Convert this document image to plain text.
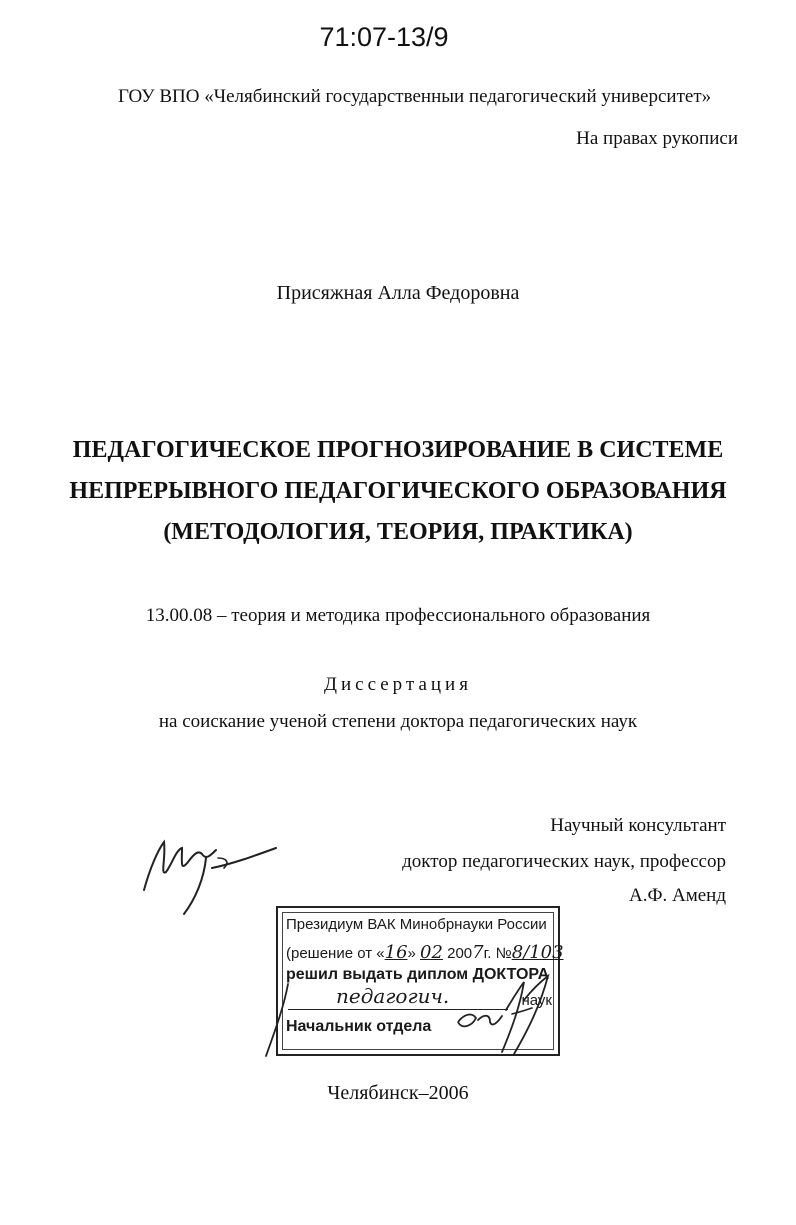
71:07-13/9
ГОУ ВПО «Челябинский государственныи педагогический университет»
На правах рукописи
Присяжная Алла Федоровна
ПЕДАГОГИЧЕСКОЕ ПРОГНОЗИРОВАНИЕ В СИСТЕМЕ
НЕПРЕРЫВНОГО ПЕДАГОГИЧЕСКОГО ОБРАЗОВАНИЯ
(МЕТОДОЛОГИЯ, ТЕОРИЯ, ПРАКТИКА)
13.00.08 – теория и методика профессионального образования
Диссертация
на соискание ученой степени доктора педагогических наук
Научный консультант
доктор педагогических наук, профессор
А.Ф. Аменд
Президиум ВАК Минобрнауки России
(решение от «16» 02 2007г. №8/103
решил выдать диплом ДОКТОРА
педагогич.	наук
Начальник отдела
Челябинск–2006
